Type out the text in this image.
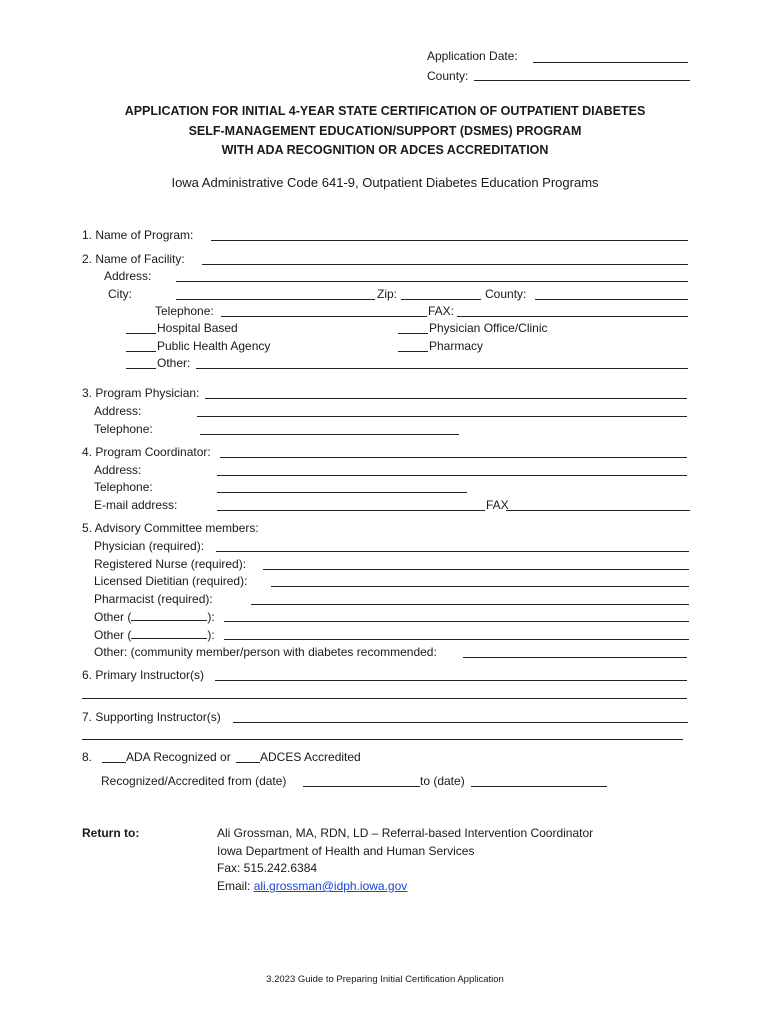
Application Date:
County:
APPLICATION FOR INITIAL 4-YEAR STATE CERTIFICATION OF OUTPATIENT DIABETES
SELF-MANAGEMENT EDUCATION/SUPPORT (DSMES) PROGRAM
WITH ADA RECOGNITION OR ADCES ACCREDITATION
Iowa Administrative Code 641-9, Outpatient Diabetes Education Programs
1. Name of Program:
2. Name of Facility:
Address:
City:	Zip:	County:
Telephone:	FAX:
Hospital Based	Physician Office/Clinic
Public Health Agency	Pharmacy
Other:
3. Program Physician:
Address:
Telephone:
4. Program Coordinator:
Address:
Telephone:
E-mail address:	FAX
5. Advisory Committee members:
Physician (required):
Registered Nurse (required):
Licensed Dietitian (required):
Pharmacist (required):
Other (	):
Other (	):
Other: (community member/person with diabetes recommended:
6. Primary Instructor(s)
7. Supporting Instructor(s)
8.	ADA Recognized or ADCES Accredited
Recognized/Accredited from (date)	to (date)
Return to:	Ali Grossman, MA, RDN, LD – Referral-based Intervention Coordinator
Iowa Department of Health and Human Services
Fax: 515.242.6384
Email: ali.grossman@idph.iowa.gov
3.2023 Guide to Preparing Initial Certification Application
